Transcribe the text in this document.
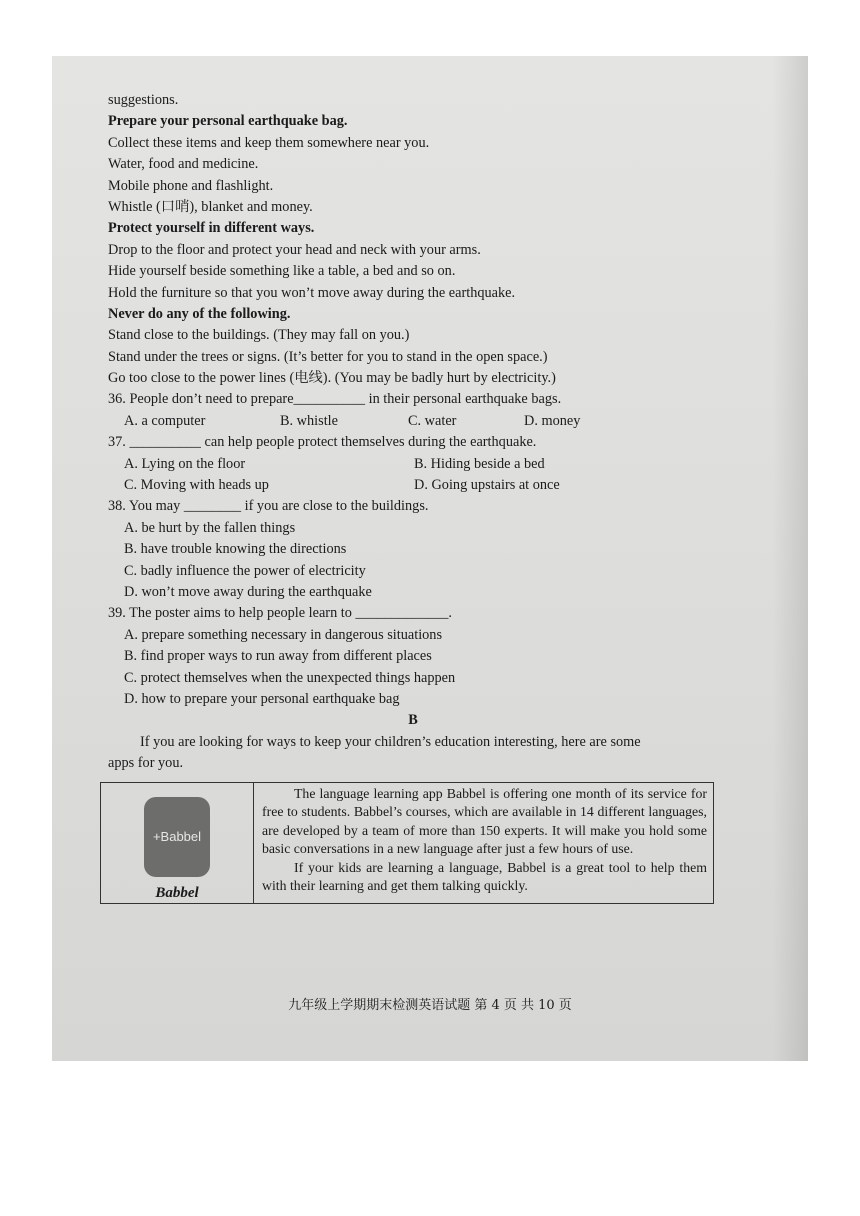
suggestions.
Prepare your personal earthquake bag.
Collect these items and keep them somewhere near you.
Water, food and medicine.
Mobile phone and flashlight.
Whistle (口哨), blanket and money.
Protect yourself in different ways.
Drop to the floor and protect your head and neck with your arms.
Hide yourself beside something like a table, a bed and so on.
Hold the furniture so that you won’t move away during the earthquake.
Never do any of the following.
Stand close to the buildings. (They may fall on you.)
Stand under the trees or signs. (It’s better for you to stand in the open space.)
Go too close to the power lines (电线). (You may be badly hurt by electricity.)
36. People don’t need to prepare__________ in their personal earthquake bags.
A. a computer	B. whistle	C. water	D. money
37. __________ can help people protect themselves during the earthquake.
A. Lying on the floor	B. Hiding beside a bed
C. Moving with heads up	D. Going upstairs at once
38. You may ________ if you are close to the buildings.
A. be hurt by the fallen things
B. have trouble knowing the directions
C. badly influence the power of electricity
D. won’t move away during the earthquake
39. The poster aims to help people learn to _____________.
A. prepare something necessary in dangerous situations
B. find proper ways to run away from different places
C. protect themselves when the unexpected things happen
D. how to prepare your personal earthquake bag
B
If you are looking for ways to keep your children’s education interesting, here are some
apps for you.
+Babbel
Babbel

The language learning app Babbel is offering one month of its service for free to students. Babbel’s courses, which are available in 14 different languages, are developed by a team of more than 150 experts. It will make you hold some basic conversations in a new language after just a few hours of use.

If your kids are learning a language, Babbel is a great tool to help them with their learning and get them talking quickly.

九年级上学期期末检测英语试题 第 4 页 共 10 页
